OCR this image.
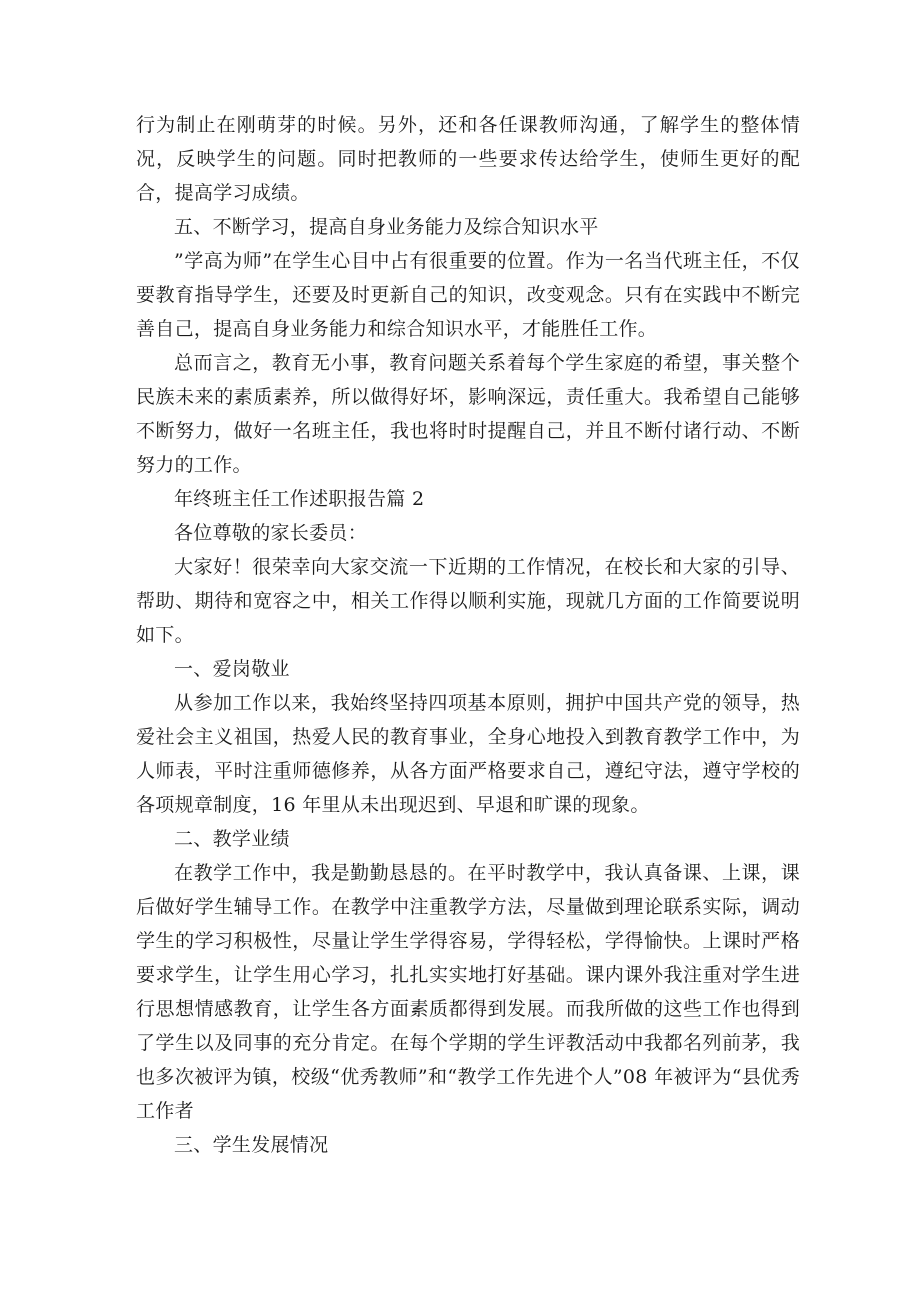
行为制止在刚萌芽的时候。另外，还和各任课教师沟通，了解学生的整体情况，反映学生的问题。同时把教师的一些要求传达给学生，使师生更好的配合，提高学习成绩。

五、不断学习，提高自身业务能力及综合知识水平

”学高为师”在学生心目中占有很重要的位置。作为一名当代班主任，不仅要教育指导学生，还要及时更新自己的知识，改变观念。只有在实践中不断完善自己，提高自身业务能力和综合知识水平，才能胜任工作。

总而言之，教育无小事，教育问题关系着每个学生家庭的希望，事关整个民族未来的素质素养，所以做得好坏，影响深远，责任重大。我希望自己能够不断努力，做好一名班主任，我也将时时提醒自己，并且不断付诸行动、不断努力的工作。

年终班主任工作述职报告篇 2

各位尊敬的家长委员：

大家好！很荣幸向大家交流一下近期的工作情况，在校长和大家的引导、帮助、期待和宽容之中，相关工作得以顺利实施，现就几方面的工作简要说明如下。

一、爱岗敬业

从参加工作以来，我始终坚持四项基本原则，拥护中国共产党的领导，热爱社会主义祖国，热爱人民的教育事业，全身心地投入到教育教学工作中，为人师表，平时注重师德修养，从各方面严格要求自己，遵纪守法，遵守学校的各项规章制度，16 年里从未出现迟到、早退和旷课的现象。

二、教学业绩

在教学工作中，我是勤勤恳恳的。在平时教学中，我认真备课、上课，课后做好学生辅导工作。在教学中注重教学方法，尽量做到理论联系实际，调动学生的学习积极性，尽量让学生学得容易，学得轻松，学得愉快。上课时严格要求学生，让学生用心学习，扎扎实实地打好基础。课内课外我注重对学生进行思想情感教育，让学生各方面素质都得到发展。而我所做的这些工作也得到了学生以及同事的充分肯定。在每个学期的学生评教活动中我都名列前茅，我也多次被评为镇，校级“优秀教师”和“教学工作先进个人”08 年被评为“县优秀工作者

三、学生发展情况
